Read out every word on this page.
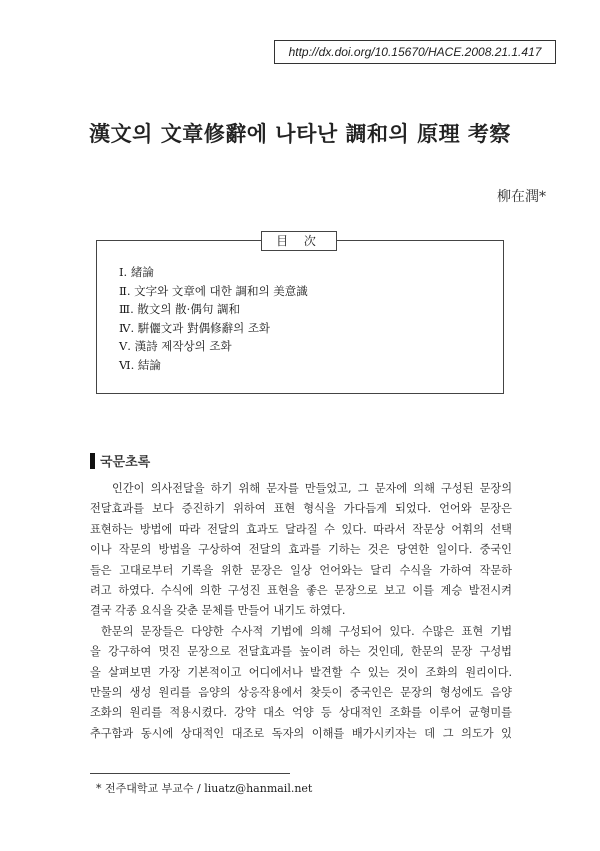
http://dx.doi.org/10.15670/HACE.2008.21.1.417
漢文의 文章修辭에 나타난 調和의 原理 考察
柳在潤*
目 次
Ⅰ. 緒論
Ⅱ. 文字와 文章에 대한 調和의 美意識
Ⅲ. 散文의 散·偶句 調和
Ⅳ. 騈儷文과 對偶修辭의 조화
Ⅴ. 漢詩 제작상의 조화
Ⅵ. 結論
국문초록
인간이 의사전달을 하기 위해 문자를 만들었고, 그 문자에 의해 구성된 문장의
전달효과를 보다 증진하기 위하여 표현 형식을 가다듬게 되었다. 언어와 문장은
표현하는 방법에 따라 전달의 효과도 달라질 수 있다. 따라서 작문상 어휘의 선택
이나 작문의 방법을 구상하여 전달의 효과를 기하는 것은 당연한 일이다. 중국인
들은 고대로부터 기록을 위한 문장은 일상 언어와는 달리 수식을 가하여 작문하
려고 하였다. 수식에 의한 구성진 표현을 좋은 문장으로 보고 이를 계승 발전시켜
결국 각종 요식을 갖춘 문체를 만들어 내기도 하였다.
한문의 문장들은 다양한 수사적 기법에 의해 구성되어 있다. 수많은 표현 기법
을 강구하여 멋진 문장으로 전달효과를 높이려 하는 것인데, 한문의 문장 구성법
을 살펴보면 가장 기본적이고 어디에서나 발견할 수 있는 것이 조화의 원리이다.
만물의 생성 원리를 음양의 상응작용에서 찾듯이 중국인은 문장의 형성에도 음양
조화의 원리를 적용시켰다. 강약 대소 억양 등 상대적인 조화를 이루어 균형미를
추구함과 동시에 상대적인 대조로 독자의 이해를 배가시키자는 데 그 의도가 있
* 전주대학교 부교수 / liuatz@hanmail.net
